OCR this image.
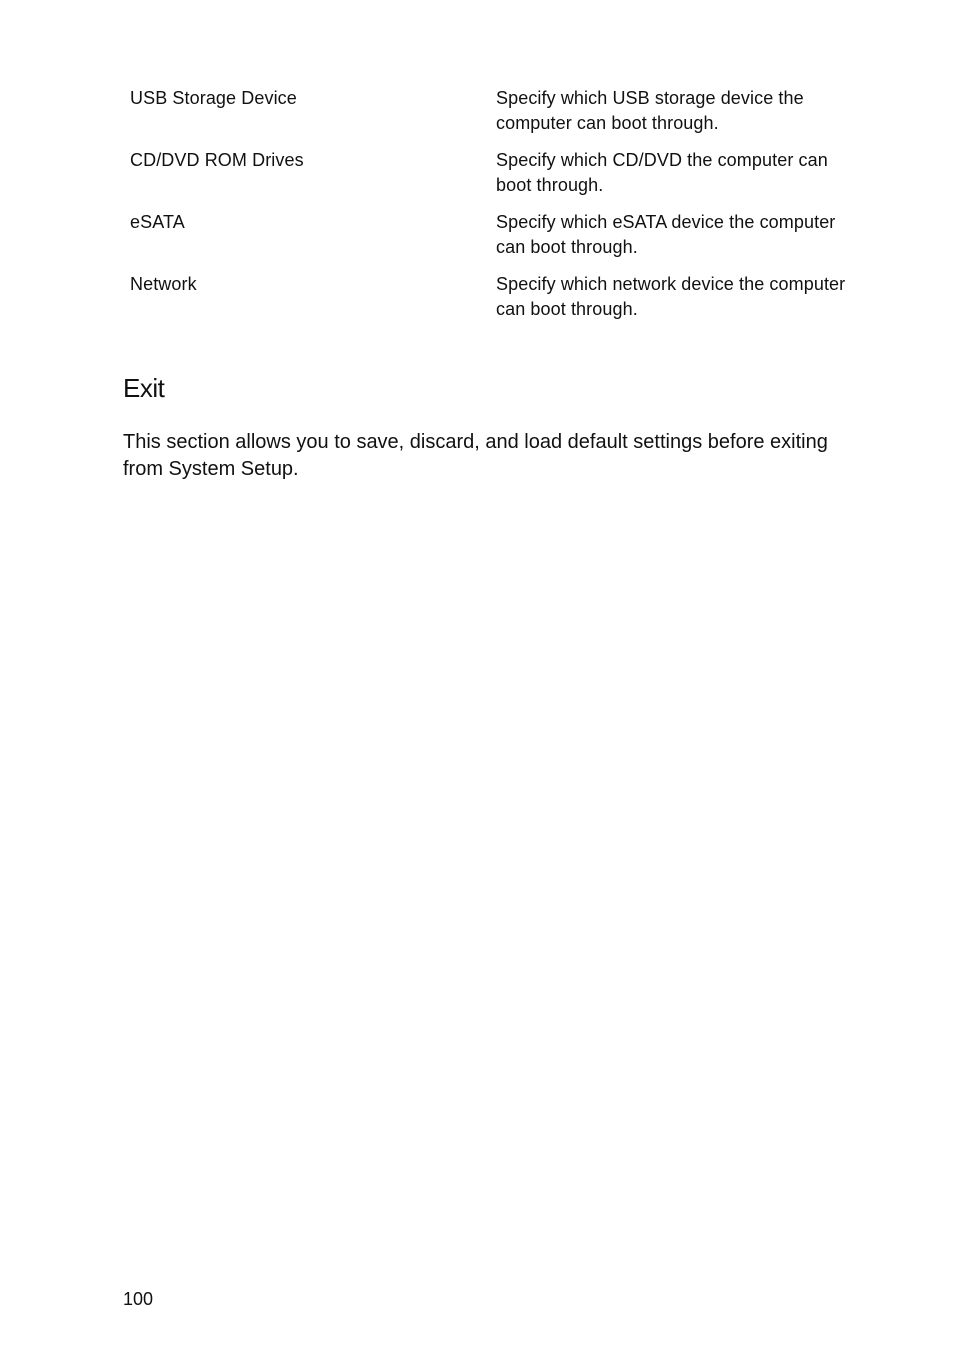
USB Storage Device	Specify which USB storage device the computer can boot through.
CD/DVD ROM Drives	Specify which CD/DVD the computer can boot through.
eSATA	Specify which eSATA device the computer can boot through.
Network	Specify which network device the computer can boot through.
Exit

This section allows you to save, discard, and load default settings before exiting from System Setup.

100
